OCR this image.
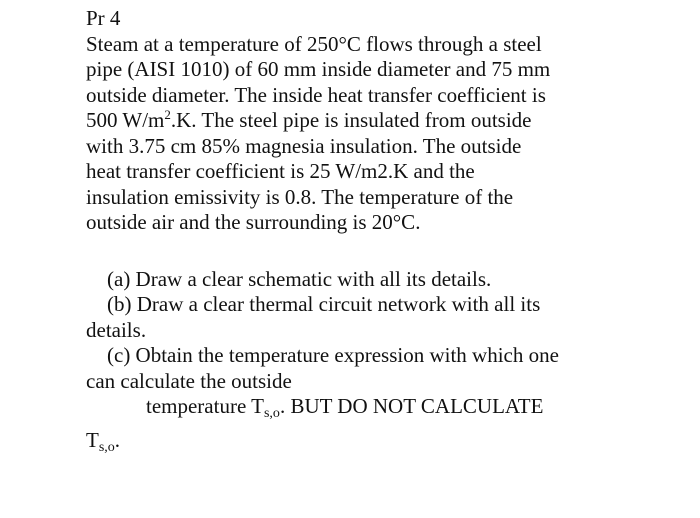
Pr 4
Steam at a temperature of 250°C flows through a steel
pipe (AISI 1010) of 60 mm inside diameter and 75 mm
outside diameter. The inside heat transfer coefficient is
500 $W/m^2.K$. The steel pipe is insulated from outside
with 3.75 cm 85% magnesia insulation. The outside
heat transfer coefficient is 25 W/m2.K and the
insulation emissivity is 0.8. The temperature of the
outside air and the surrounding is 20°C.
(a) Draw a clear schematic with all its details.
(b) Draw a clear thermal circuit network with all its
details.
(c) Obtain the temperature expression with which one
can calculate the outside
temperature $T_{s,o}$. BUT DO NOT CALCULATE
$T_{s,o}$.
